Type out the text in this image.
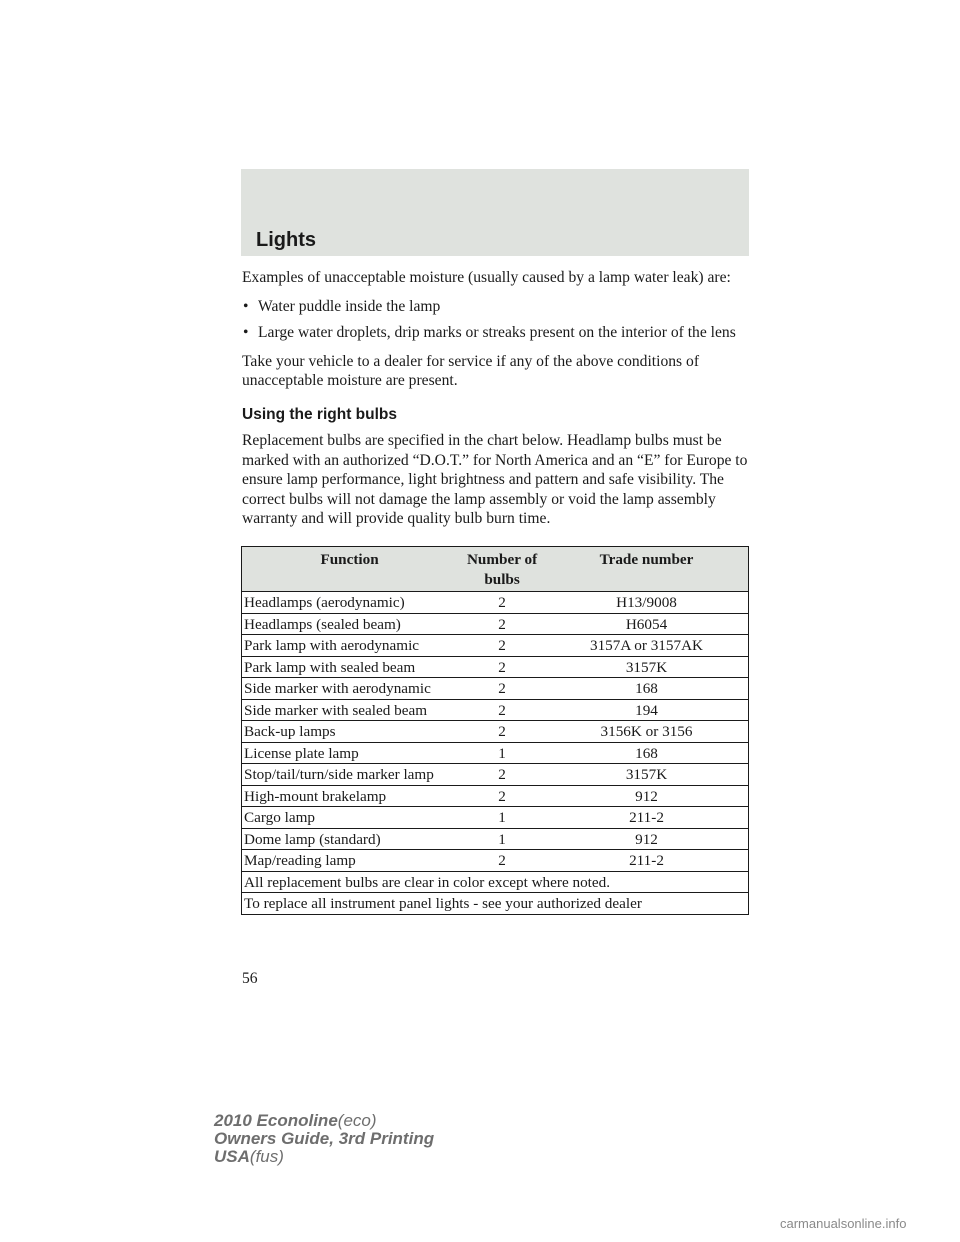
Lights

Examples of unacceptable moisture (usually caused by a lamp water leak) are:

• Water puddle inside the lamp
• Large water droplets, drip marks or streaks present on the interior of the lens

Take your vehicle to a dealer for service if any of the above conditions of unacceptable moisture are present.

Using the right bulbs

Replacement bulbs are specified in the chart below. Headlamp bulbs must be marked with an authorized “D.O.T.” for North America and an “E” for Europe to ensure lamp performance, light brightness and pattern and safe visibility. The correct bulbs will not damage the lamp assembly or void the lamp assembly warranty and will provide quality bulb burn time.

Function	Number of bulbs	Trade number
Headlamps (aerodynamic)	2	H13/9008
Headlamps (sealed beam)	2	H6054
Park lamp with aerodynamic	2	3157A or 3157AK
Park lamp with sealed beam	2	3157K
Side marker with aerodynamic	2	168
Side marker with sealed beam	2	194
Back-up lamps	2	3156K or 3156
License plate lamp	1	168
Stop/tail/turn/side marker lamp	2	3157K
High-mount brakelamp	2	912
Cargo lamp	1	211-2
Dome lamp (standard)	1	912
Map/reading lamp	2	211-2
All replacement bulbs are clear in color except where noted.		
To replace all instrument panel lights - see your authorized dealer		
56
2010 Econoline(eco)
Owners Guide, 3rd Printing
USA(fus)
carmanualsonline.info
